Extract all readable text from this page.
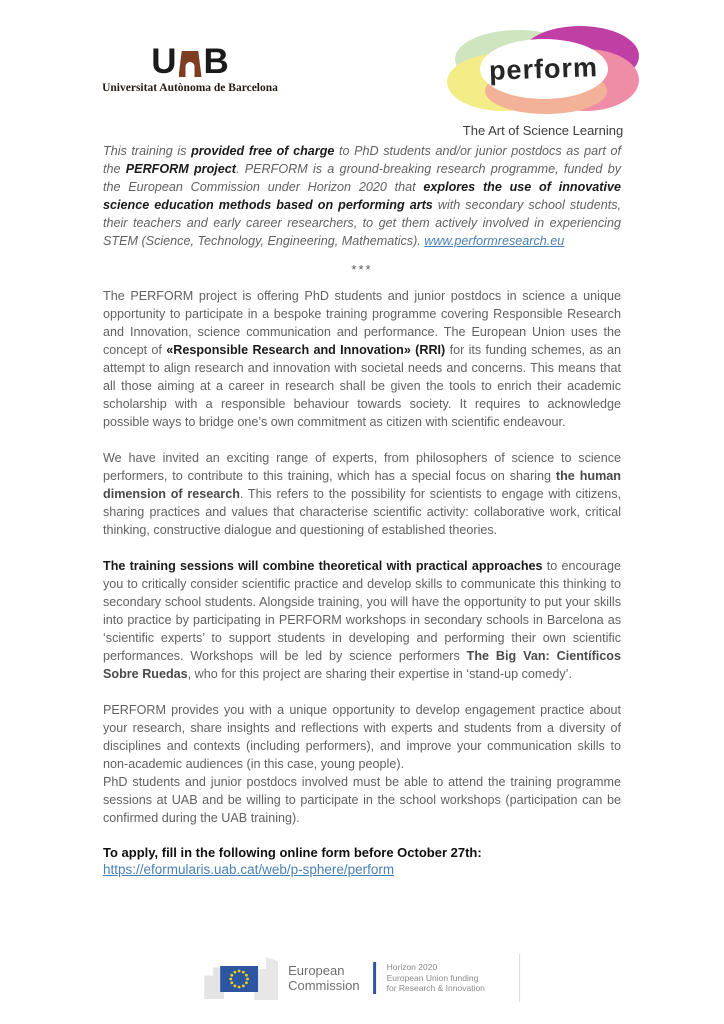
U B
Universitat Autònoma de Barcelona
perform
The Art of Science Learning
This training is provided free of charge to PhD students and/or junior postdocs as part of the PERFORM project. PERFORM is a ground-breaking research programme, funded by the European Commission under Horizon 2020 that explores the use of innovative science education methods based on performing arts with secondary school students, their teachers and early career researchers, to get them actively involved in experiencing STEM (Science, Technology, Engineering, Mathematics). www.performresearch.eu
***
The PERFORM project is offering PhD students and junior postdocs in science a unique opportunity to participate in a bespoke training programme covering Responsible Research and Innovation, science communication and performance. The European Union uses the concept of «Responsible Research and Innovation» (RRI) for its funding schemes, as an attempt to align research and innovation with societal needs and concerns. This means that all those aiming at a career in research shall be given the tools to enrich their academic scholarship with a responsible behaviour towards society. It requires to acknowledge possible ways to bridge one’s own commitment as citizen with scientific endeavour.
We have invited an exciting range of experts, from philosophers of science to science performers, to contribute to this training, which has a special focus on sharing the human dimension of research. This refers to the possibility for scientists to engage with citizens, sharing practices and values that characterise scientific activity: collaborative work, critical thinking, constructive dialogue and questioning of established theories.
The training sessions will combine theoretical with practical approaches to encourage you to critically consider scientific practice and develop skills to communicate this thinking to secondary school students. Alongside training, you will have the opportunity to put your skills into practice by participating in PERFORM workshops in secondary schools in Barcelona as ‘scientific experts’ to support students in developing and performing their own scientific performances. Workshops will be led by science performers The Big Van: Científicos Sobre Ruedas, who for this project are sharing their expertise in ‘stand-up comedy’.
PERFORM provides you with a unique opportunity to develop engagement practice about your research, share insights and reflections with experts and students from a diversity of disciplines and contexts (including performers), and improve your communication skills to non-academic audiences (in this case, young people).
PhD students and junior postdocs involved must be able to attend the training programme sessions at UAB and be willing to participate in the school workshops (participation can be confirmed during the UAB training).
To apply, fill in the following online form before October 27th:
https://eformularis.uab.cat/web/p-sphere/perform
European
Commission
Horizon 2020
European Union funding
for Research & Innovation
